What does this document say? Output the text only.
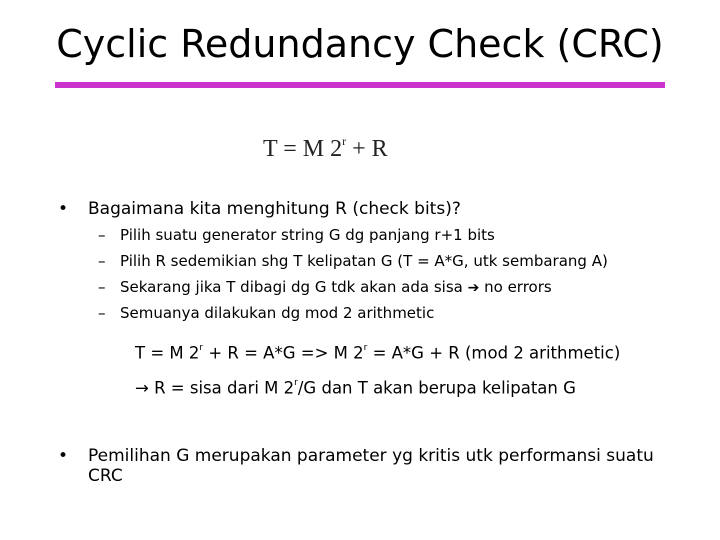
Cyclic Redundancy Check (CRC)
T = M $2^r + R$
• Bagaimana kita menghitung R (check bits)?
– Pilih suatu generator string G dg panjang r+1 bits
– Pilih R sedemikian shg T kelipatan G (T = A*G, utk sembarang A)
– Sekarang jika T dibagi dg G tdk akan ada sisa ➔ no errors
– Semuanya dilakukan dg mod 2 arithmetic
T = M $2^r + R = A*G => M$ $2^r = A*G + R$ (mod 2 arithmetic)
→ R = sisa dari M 2$^r$/G dan T akan berupa kelipatan G
• Pemilihan G merupakan parameter yg kritis utk performansi suatu CRC
